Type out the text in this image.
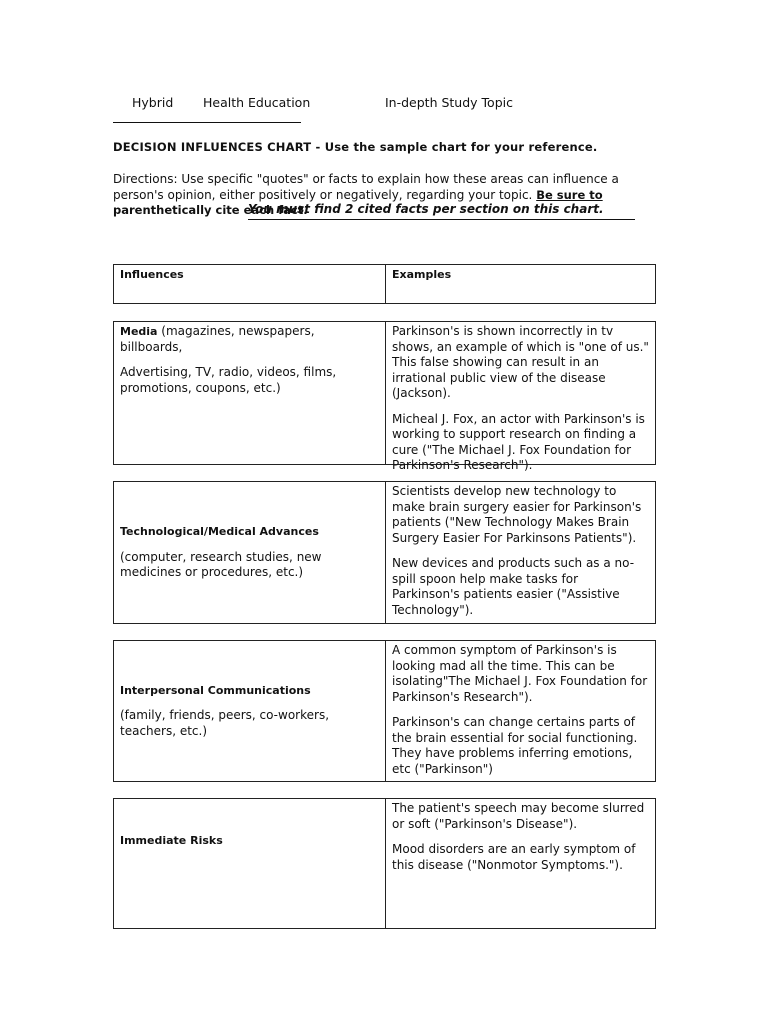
Hybrid Health Education	In-depth Study Topic
DECISION INFLUENCES CHART - Use the sample chart for your reference.
Directions: Use specific "quotes" or facts to explain how these areas can influence a person's opinion, either positively or negatively, regarding your topic. Be sure to
parenthetically cite each fact.
You must find 2 cited facts per section on this chart.
Influences	Examples

Media (magazines, newspapers, billboards,

Advertising, TV, radio, videos, films, promotions, coupons, etc.)

Parkinson's is shown incorrectly in tv shows, an example of which is "one of us." This false showing can result in an irrational public view of the disease (Jackson).

Micheal J. Fox, an actor with Parkinson's is working to support research on finding a cure ("The Michael J. Fox Foundation for Parkinson's Research").

Technological/Medical Advances

(computer, research studies, new medicines or procedures, etc.)

Scientists develop new technology to make brain surgery easier for Parkinson's patients ("New Technology Makes Brain Surgery Easier For Parkinsons Patients").

New devices and products such as a no-spill spoon help make tasks for Parkinson's patients easier ("Assistive Technology").

Interpersonal Communications

(family, friends, peers, co-workers, teachers, etc.)

A common symptom of Parkinson's is looking mad all the time. This can be isolating"The Michael J. Fox Foundation for Parkinson's Research").

Parkinson's can change certains parts of the brain essential for social functioning. They have problems inferring emotions, etc ("Parkinson")

Immediate Risks

The patient's speech may become slurred or soft ("Parkinson's Disease").

Mood disorders are an early symptom of this disease ("Nonmotor Symptoms.").
